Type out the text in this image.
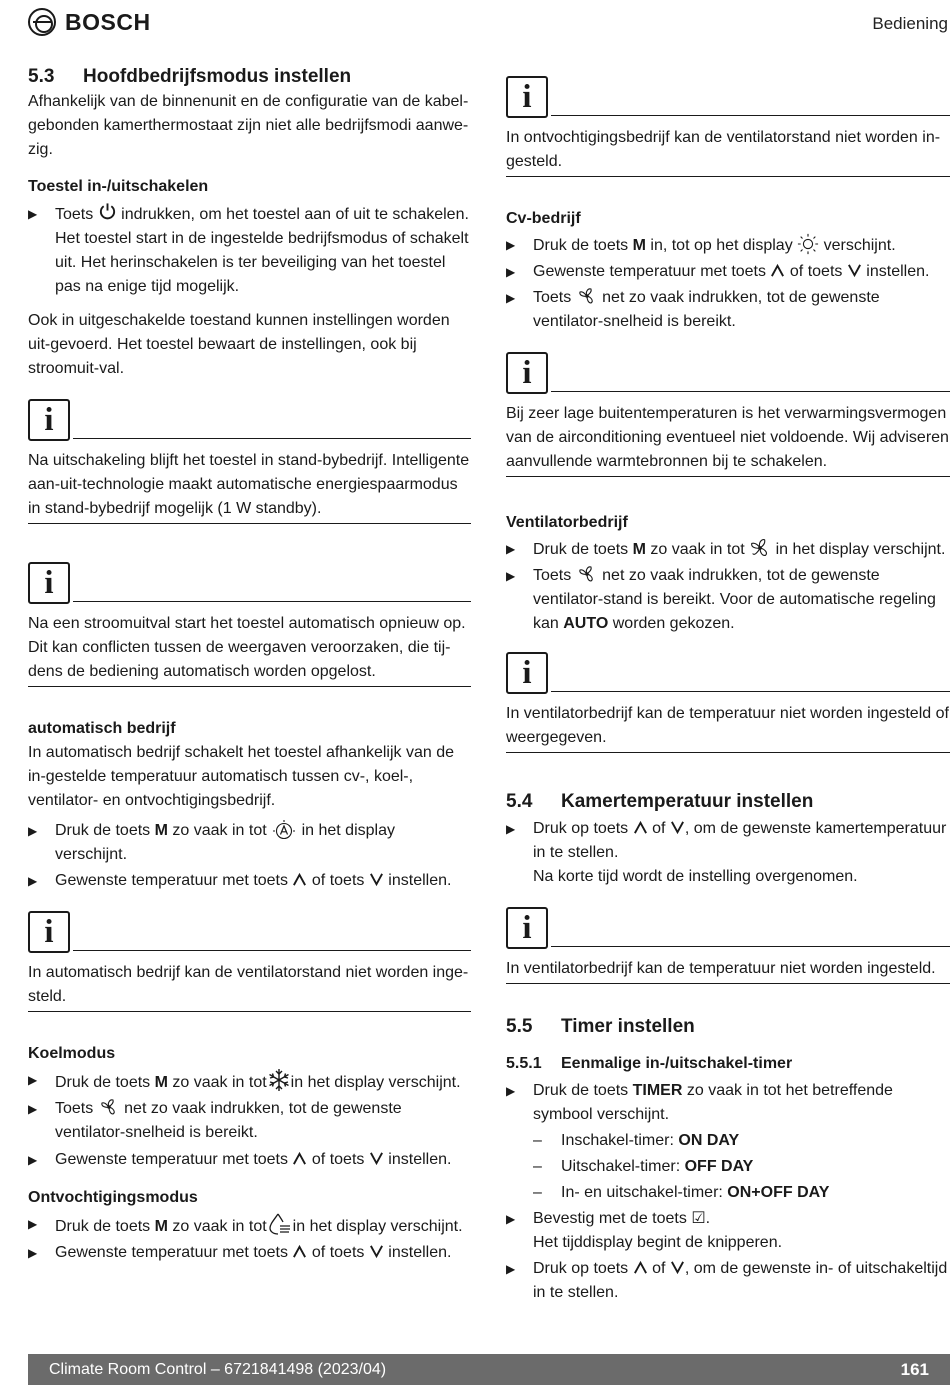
BOSCH	Bediening
5.3	Hoofdbedrijfsmodus instellen

Afhankelijk van de binnenunit en de configuratie van de kabel-gebonden kamerthermostaat zijn niet alle bedrijfsmodi aanwe-zig.

Toestel in-/uitschakelen
▶ Toets indrukken, om het toestel aan of uit te schakelen. Het toestel start in de ingestelde bedrijfsmodus of schakelt uit. Het herinschakelen is ter beveiliging van het toestel pas na enige tijd mogelijk.

Ook in uitgeschakelde toestand kunnen instellingen worden uit-gevoerd. Het toestel bewaart de instellingen, ook bij stroomuit-val.

i

Na uitschakeling blijft het toestel in stand-bybedrijf. Intelligente aan-uit-technologie maakt automatische energiespaarmodus in stand-bybedrijf mogelijk (1 W standby).

i

Na een stroomuitval start het toestel automatisch opnieuw op. Dit kan conflicten tussen de weergaven veroorzaken, die tij-dens de bediening automatisch worden opgelost.

automatisch bedrijf

In automatisch bedrijf schakelt het toestel afhankelijk van de in-gestelde temperatuur automatisch tussen cv-, koel-, ventilator- en ontvochtigingsbedrijf.

▶ Druk de toets M zo vaak in tot in het display verschijnt.
▶ Gewenste temperatuur met toets of toets instellen.
i

In automatisch bedrijf kan de ventilatorstand niet worden inge-steld.

Koelmodus
▶ Druk de toets M zo vaak in tot in het display verschijnt.
▶ Toets net zo vaak indrukken, tot de gewenste ventilator-snelheid is bereikt.
▶ Gewenste temperatuur met toets of toets instellen.
Ontvochtigingsmodus
▶ Druk de toets M zo vaak in tot in het display verschijnt.
▶ Gewenste temperatuur met toets of toets instellen.
i

In ontvochtigingsbedrijf kan de ventilatorstand niet worden in-gesteld.

Cv-bedrijf
▶ Druk de toets M in, tot op het display verschijnt.
▶ Gewenste temperatuur met toets of toets instellen.
▶ Toets net zo vaak indrukken, tot de gewenste ventilator-snelheid is bereikt.
i

Bij zeer lage buitentemperaturen is het verwarmingsvermogen van de airconditioning eventueel niet voldoende. Wij adviseren aanvullende warmtebronnen bij te schakelen.

Ventilatorbedrijf
▶ Druk de toets M zo vaak in tot in het display verschijnt.
▶ Toets net zo vaak indrukken, tot de gewenste ventilator-stand is bereikt. Voor de automatische regeling kan AUTO worden gekozen.
i

In ventilatorbedrijf kan de temperatuur niet worden ingesteld of weergegeven.

5.4	Kamertemperatuur instellen
▶ Druk op toets of , om de gewenste kamertemperatuur in te stellen.
Na korte tijd wordt de instelling overgenomen.
i

In ventilatorbedrijf kan de temperatuur niet worden ingesteld.

5.5	Timer instellen
5.5.1	Eenmalige in-/uitschakel-timer
▶ Druk de toets TIMER zo vaak in tot het betreffende symbool verschijnt.
– Inschakel-timer: ON DAY
– Uitschakel-timer: OFF DAY
– In- en uitschakel-timer: ON+OFF DAY
▶ Bevestig met de toets ☑.
Het tijddisplay begint de knipperen.
▶ Druk op toets of , om de gewenste in- of uitschakeltijd in te stellen.
Climate Room Control – 6721841498 (2023/04)	161
